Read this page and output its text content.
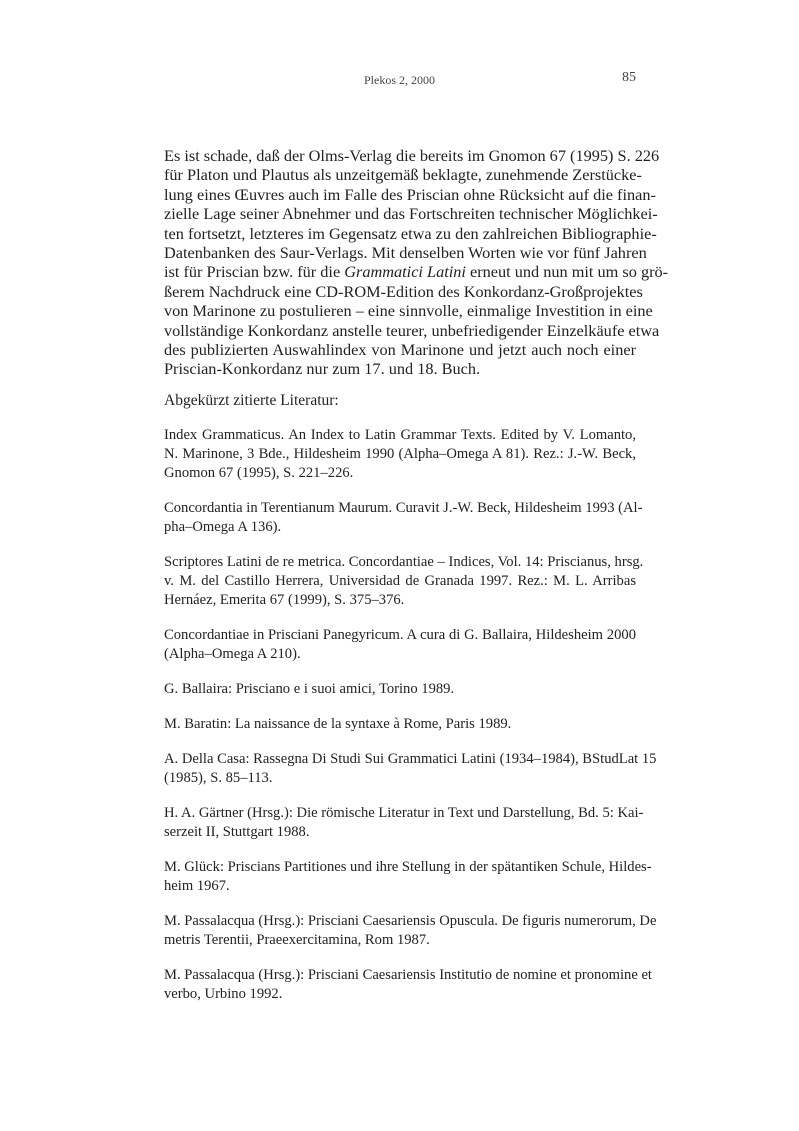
Plekos 2, 2000	85
Es ist schade, daß der Olms-Verlag die bereits im Gnomon 67 (1995) S. 226
für Platon und Plautus als unzeitgemäß beklagte, zunehmende Zerstücke-
lung eines Œuvres auch im Falle des Priscian ohne Rücksicht auf die finan-
zielle Lage seiner Abnehmer und das Fortschreiten technischer Möglichkei-
ten fortsetzt, letzteres im Gegensatz etwa zu den zahlreichen Bibliographie-
Datenbanken des Saur-Verlags. Mit denselben Worten wie vor fünf Jahren
ist für Priscian bzw. für die Grammatici Latini erneut und nun mit um so grö-
ßerem Nachdruck eine CD-ROM-Edition des Konkordanz-Großprojektes
von Marinone zu postulieren – eine sinnvolle, einmalige Investition in eine
vollständige Konkordanz anstelle teurer, unbefriedigender Einzelkäufe etwa
des publizierten Auswahlindex von Marinone und jetzt auch noch einer
Priscian-Konkordanz nur zum 17. und 18. Buch.
Abgekürzt zitierte Literatur:
Index Grammaticus. An Index to Latin Grammar Texts. Edited by V. Lomanto,
N. Marinone, 3 Bde., Hildesheim 1990 (Alpha–Omega A 81). Rez.: J.-W. Beck,
Gnomon 67 (1995), S. 221–226.
Concordantia in Terentianum Maurum. Curavit J.-W. Beck, Hildesheim 1993 (Al-
pha–Omega A 136).
Scriptores Latini de re metrica. Concordantiae – Indices, Vol. 14: Priscianus, hrsg.
v. M. del Castillo Herrera, Universidad de Granada 1997. Rez.: M. L. Arribas
Hernáez, Emerita 67 (1999), S. 375–376.
Concordantiae in Prisciani Panegyricum. A cura di G. Ballaira, Hildesheim 2000
(Alpha–Omega A 210).
G. Ballaira: Prisciano e i suoi amici, Torino 1989.
M. Baratin: La naissance de la syntaxe à Rome, Paris 1989.
A. Della Casa: Rassegna Di Studi Sui Grammatici Latini (1934–1984), BStudLat 15
(1985), S. 85–113.
H. A. Gärtner (Hrsg.): Die römische Literatur in Text und Darstellung, Bd. 5: Kai-
serzeit II, Stuttgart 1988.
M. Glück: Priscians Partitiones und ihre Stellung in der spätantiken Schule, Hildes-
heim 1967.
M. Passalacqua (Hrsg.): Prisciani Caesariensis Opuscula. De figuris numerorum, De
metris Terentii, Praeexercitamina, Rom 1987.
M. Passalacqua (Hrsg.): Prisciani Caesariensis Institutio de nomine et pronomine et
verbo, Urbino 1992.
